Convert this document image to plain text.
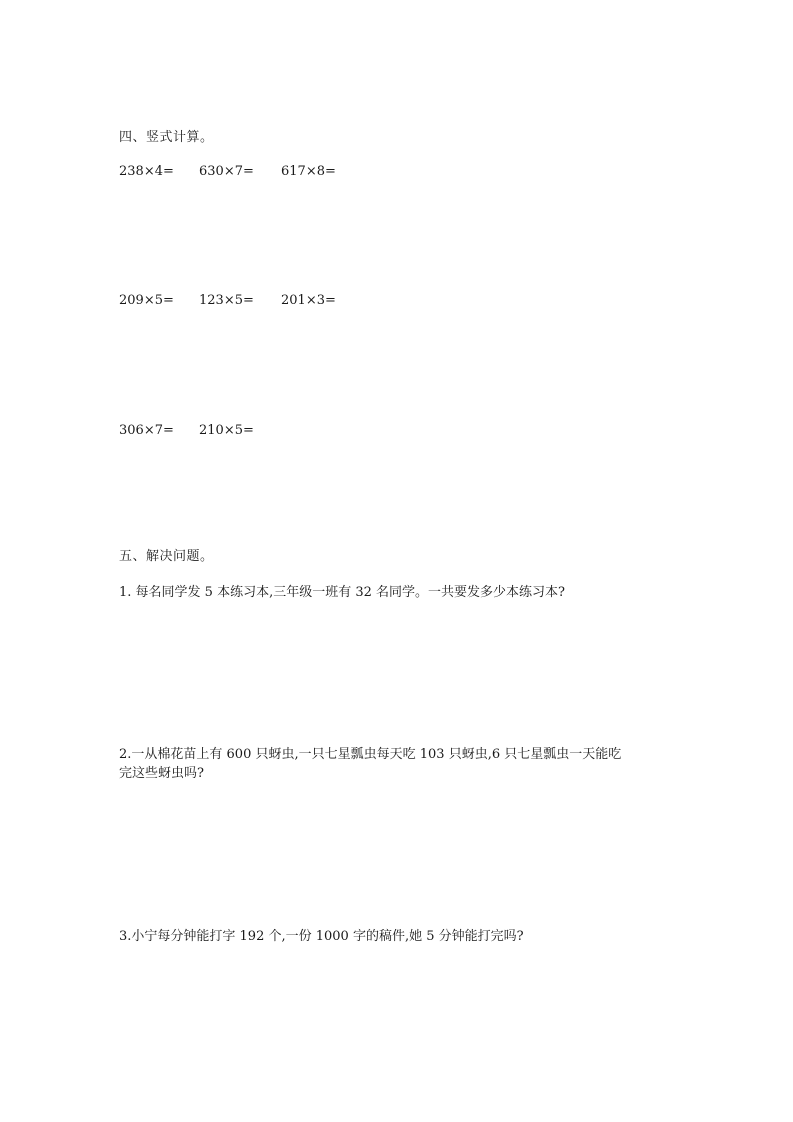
四、竖式计算。
238×4= 630×7= 617×8=
209×5= 123×5= 201×3=
306×7= 210×5=
五、解决问题。
1. 每名同学发 5 本练习本,三年级一班有 32 名同学。一共要发多少本练习本?
2.一从棉花苗上有 600 只蚜虫,一只七星瓢虫每天吃 103 只蚜虫,6 只七星瓢虫一天能吃
完这些蚜虫吗?
3.小宁每分钟能打字 192 个,一份 1000 字的稿件,她 5 分钟能打完吗?
